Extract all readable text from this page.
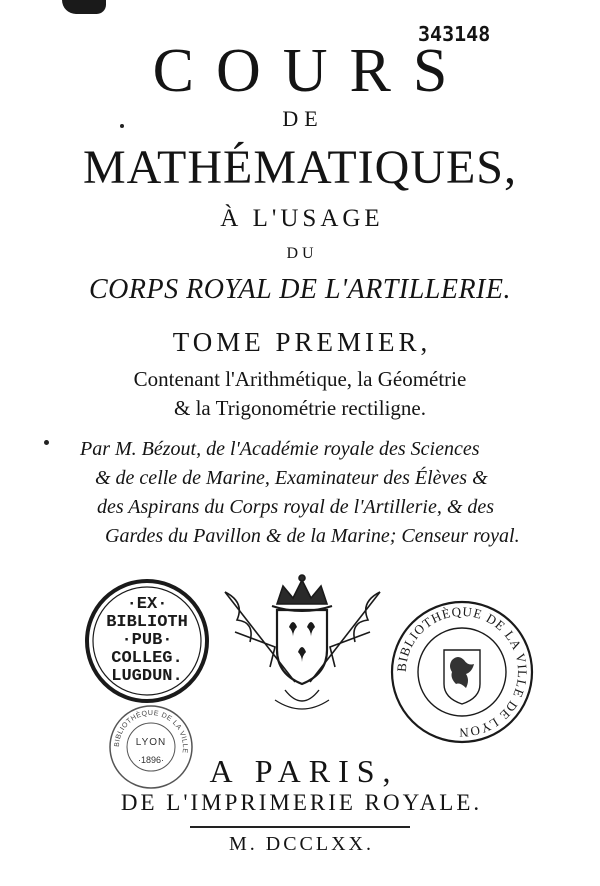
343148
COURS
DE
MATHÉMATIQUES,
À L'USAGE
DU
CORPS ROYAL DE L'ARTILLERIE.
TOME PREMIER,
Contenant l'Arithmétique, la Géométrie
& la Trigonométrie rectiligne.
Par M. Bézout, de l'Académie royale des Sciences
& de celle de Marine, Examinateur des Élèves &
des Aspirans du Corps royal de l'Artillerie, & des
Gardes du Pavillon & de la Marine; Censeur royal.
·EX·
BIBLIOTH
·PUB·
COLLEG.
LUGDUN.
BIBLIOTHÈQUE DE LA VILLE
LYON
·1896·
BIBLIOTHÈQUE DE LA VILLE DE LYON
A PARIS,
DE L'IMPRIMERIE ROYALE.
M. DCCLXX.
